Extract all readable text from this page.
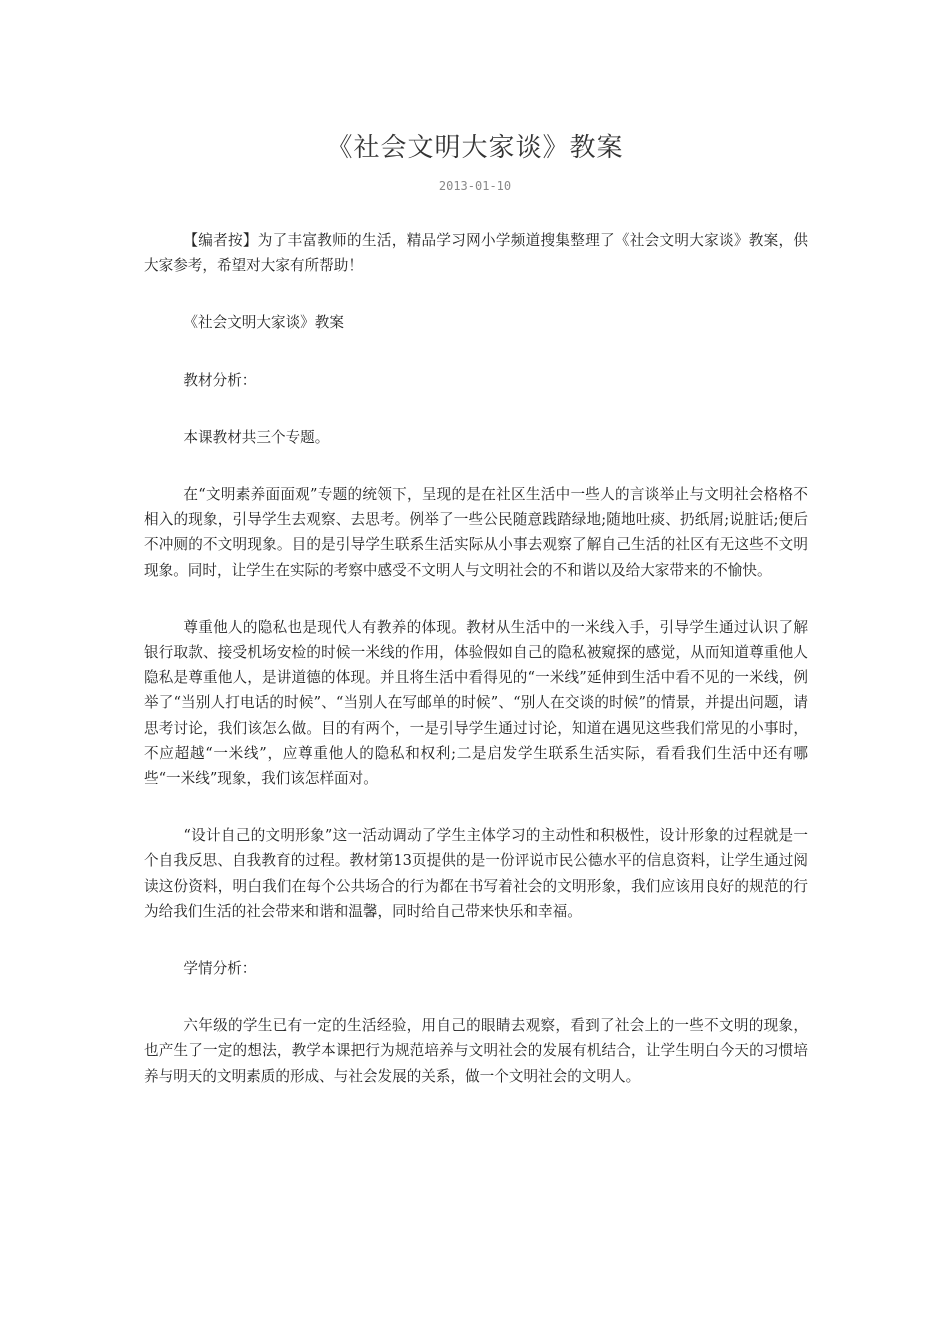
《社会文明大家谈》教案
2013-01-10

【编者按】为了丰富教师的生活，精品学习网小学频道搜集整理了《社会文明大家谈》教案，供大家参考，希望对大家有所帮助！

《社会文明大家谈》教案

教材分析：

本课教材共三个专题。

在“文明素养面面观”专题的统领下，呈现的是在社区生活中一些人的言谈举止与文明社会格格不相入的现象，引导学生去观察、去思考。例举了一些公民随意践踏绿地;随地吐痰、扔纸屑;说脏话;便后不冲厕的不文明现象。目的是引导学生联系生活实际从小事去观察了解自己生活的社区有无这些不文明现象。同时，让学生在实际的考察中感受不文明人与文明社会的不和谐以及给大家带来的不愉快。

尊重他人的隐私也是现代人有教养的体现。教材从生活中的一米线入手，引导学生通过认识了解银行取款、接受机场安检的时候一米线的作用，体验假如自己的隐私被窥探的感觉，从而知道尊重他人隐私是尊重他人，是讲道德的体现。并且将生活中看得见的“一米线”延伸到生活中看不见的一米线，例举了“当别人打电话的时候”、“当别人在写邮单的时候”、“别人在交谈的时候”的情景，并提出问题，请思考讨论，我们该怎么做。目的有两个，一是引导学生通过讨论，知道在遇见这些我们常见的小事时，不应超越“一米线”，应尊重他人的隐私和权利;二是启发学生联系生活实际，看看我们生活中还有哪些“一米线”现象，我们该怎样面对。

“设计自己的文明形象”这一活动调动了学生主体学习的主动性和积极性，设计形象的过程就是一个自我反思、自我教育的过程。教材第13页提供的是一份评说市民公德水平的信息资料，让学生通过阅读这份资料，明白我们在每个公共场合的行为都在书写着社会的文明形象，我们应该用良好的规范的行为给我们生活的社会带来和谐和温馨，同时给自己带来快乐和幸福。

学情分析：

六年级的学生已有一定的生活经验，用自己的眼睛去观察，看到了社会上的一些不文明的现象，也产生了一定的想法，教学本课把行为规范培养与文明社会的发展有机结合，让学生明白今天的习惯培养与明天的文明素质的形成、与社会发展的关系，做一个文明社会的文明人。
